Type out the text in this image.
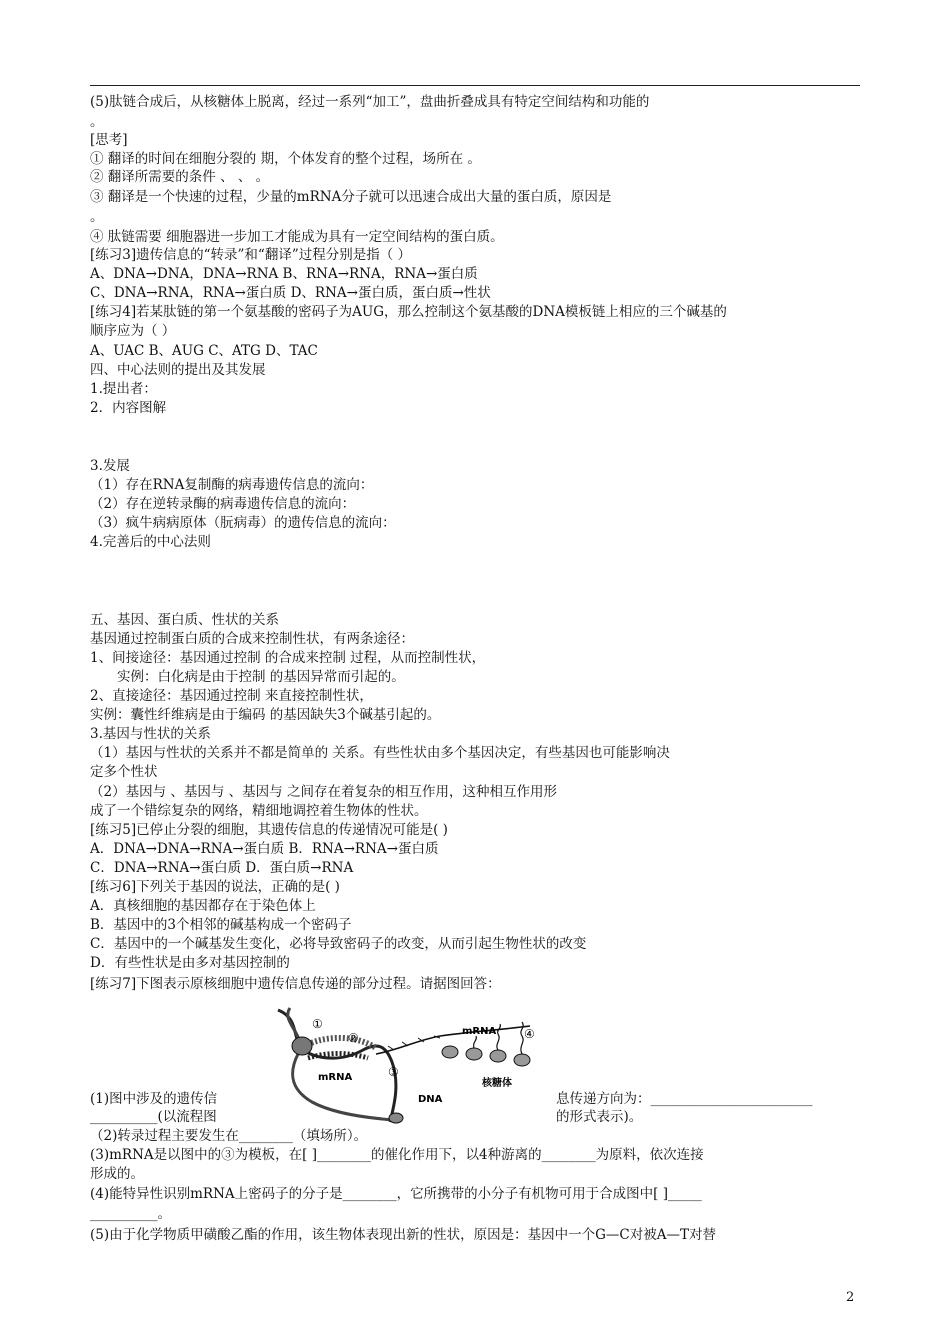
(5)肽链合成后，从核糖体上脱离，经过一系列“加工”，盘曲折叠成具有特定空间结构和功能的
。
[思考]
① 翻译的时间在细胞分裂的 期，个体发育的整个过程，场所在 。
② 翻译所需要的条件 、 、 。
③ 翻译是一个快速的过程，少量的mRNA分子就可以迅速合成出大量的蛋白质，原因是
。
④ 肽链需要 细胞器进一步加工才能成为具有一定空间结构的蛋白质。
[练习3]遗传信息的“转录”和“翻译”过程分别是指（ ）
A、DNA→DNA，DNA→RNA B、RNA→RNA，RNA→蛋白质
C、DNA→RNA，RNA→蛋白质 D、RNA→蛋白质，蛋白质→性状
[练习4]若某肽链的第一个氨基酸的密码子为AUG，那么控制这个氨基酸的DNA模板链上相应的三个碱基的
顺序应为（ ）
A、UAC B、AUG C、ATG D、TAC
四、中心法则的提出及其发展
1.提出者：
2．内容图解
3.发展
（1）存在RNA复制酶的病毒遗传信息的流向：
（2）存在逆转录酶的病毒遗传信息的流向：
（3）疯牛病病原体（朊病毒）的遗传信息的流向：
4.完善后的中心法则
五、基因、蛋白质、性状的关系
基因通过控制蛋白质的合成来控制性状，有两条途径：
1、间接途径：基因通过控制 的合成来控制 过程，从而控制性状，
实例：白化病是由于控制 的基因异常而引起的。
2、直接途径：基因通过控制 来直接控制性状，
实例：囊性纤维病是由于编码 的基因缺失3个碱基引起的。
3.基因与性状的关系
（1）基因与性状的关系并不都是简单的 关系。有些性状由多个基因决定，有些基因也可能影响决
定多个性状
（2）基因与 、基因与 、基因与 之间存在着复杂的相互作用，这种相互作用形
成了一个错综复杂的网络，精细地调控着生物体的性状。
[练习5]已停止分裂的细胞，其遗传信息的传递情况可能是( )
A．DNA→DNA→RNA→蛋白质 B．RNA→RNA→蛋白质
C．DNA→RNA→蛋白质 D．蛋白质→RNA
[练习6]下列关于基因的说法，正确的是( )
A．真核细胞的基因都存在于染色体上
B．基因中的3个相邻的碱基构成一个密码子
C．基因中的一个碱基发生变化，必将导致密码子的改变，从而引起生物性状的改变
D．有些性状是由多对基因控制的
[练习7]下图表示原核细胞中遗传信息传递的部分过程。请据图回答：
①
②
③
④
mRNA
mRNA
DNA
核糖体
(1)图中涉及的遗传信	息传递方向为：________________________
__________(以流程图	的形式表示)。
（2)转录过程主要发生在________（填场所）。
(3)mRNA是以图中的③为模板，在[ ]________的催化作用下，以4种游离的________为原料，依次连接
形成的。
(4)能特异性识别mRNA上密码子的分子是________，它所携带的小分子有机物可用于合成图中[ ]_____
__________。
(5)由于化学物质甲磺酸乙酯的作用，该生物体表现出新的性状，原因是：基因中一个G—C对被A—T对替
2
